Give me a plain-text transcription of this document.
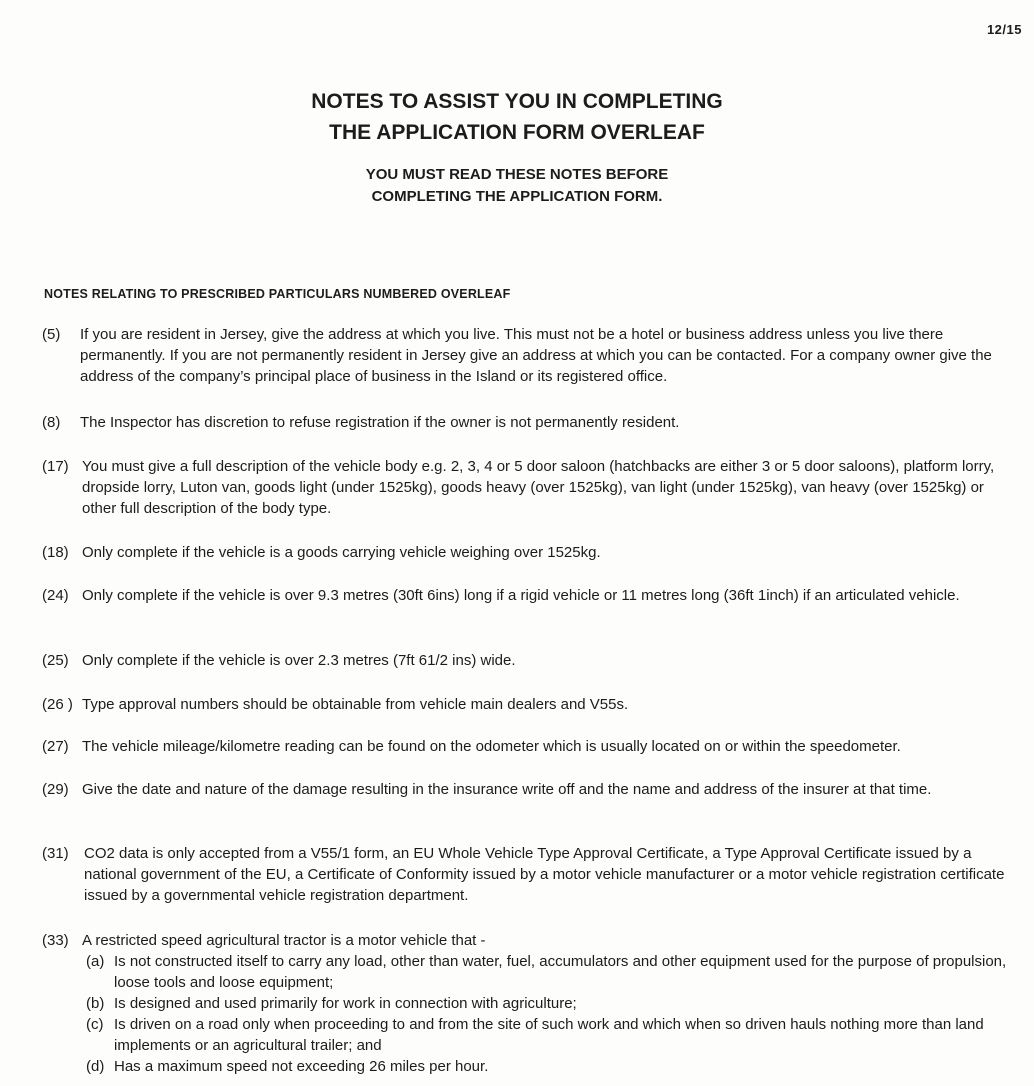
12/15
NOTES TO ASSIST YOU IN COMPLETING
THE APPLICATION FORM OVERLEAF
YOU MUST READ THESE NOTES BEFORE
COMPLETING THE APPLICATION FORM.
NOTES RELATING TO PRESCRIBED PARTICULARS NUMBERED OVERLEAF
(5)	If you are resident in Jersey, give the address at which you live. This must not be a hotel or business address unless you live there permanently. If you are not permanently resident in Jersey give an address at which you can be contacted. For a company owner give the address of the company’s principal place of business in the Island or its registered office.
(8)	The Inspector has discretion to refuse registration if the owner is not permanently resident.
(17) You must give a full description of the vehicle body e.g. 2, 3, 4 or 5 door saloon (hatchbacks are either 3 or 5 door saloons), platform lorry, dropside lorry, Luton van, goods light (under 1525kg), goods heavy (over 1525kg), van light (under 1525kg), van heavy (over 1525kg) or other full description of the body type.
(18) Only complete if the vehicle is a goods carrying vehicle weighing over 1525kg.
(24) Only complete if the vehicle is over 9.3 metres (30ft 6ins) long if a rigid vehicle or 11 metres long (36ft 1inch) if an articulated vehicle.
(25) Only complete if the vehicle is over 2.3 metres (7ft 61/2 ins) wide.
(26 ) Type approval numbers should be obtainable from vehicle main dealers and V55s.
(27) The vehicle mileage/kilometre reading can be found on the odometer which is usually located on or within the speedometer.
(29) Give the date and nature of the damage resulting in the insurance write off and the name and address of the insurer at that time.
(31)	CO2 data is only accepted from a V55/1 form, an EU Whole Vehicle Type Approval Certificate, a Type Approval Certificate issued by a national government of the EU, a Certificate of Conformity issued by a motor vehicle manufacturer or a motor vehicle registration certificate issued by a governmental vehicle registration department.
(33) A restricted speed agricultural tractor is a motor vehicle that -
(a) Is not constructed itself to carry any load, other than water, fuel, accumulators and other equipment used for the purpose of propulsion, loose tools and loose equipment;
(b) Is designed and used primarily for work in connection with agriculture;
(c) Is driven on a road only when proceeding to and from the site of such work and which when so driven hauls nothing more than land implements or an agricultural trailer; and
(d) Has a maximum speed not exceeding 26 miles per hour.
